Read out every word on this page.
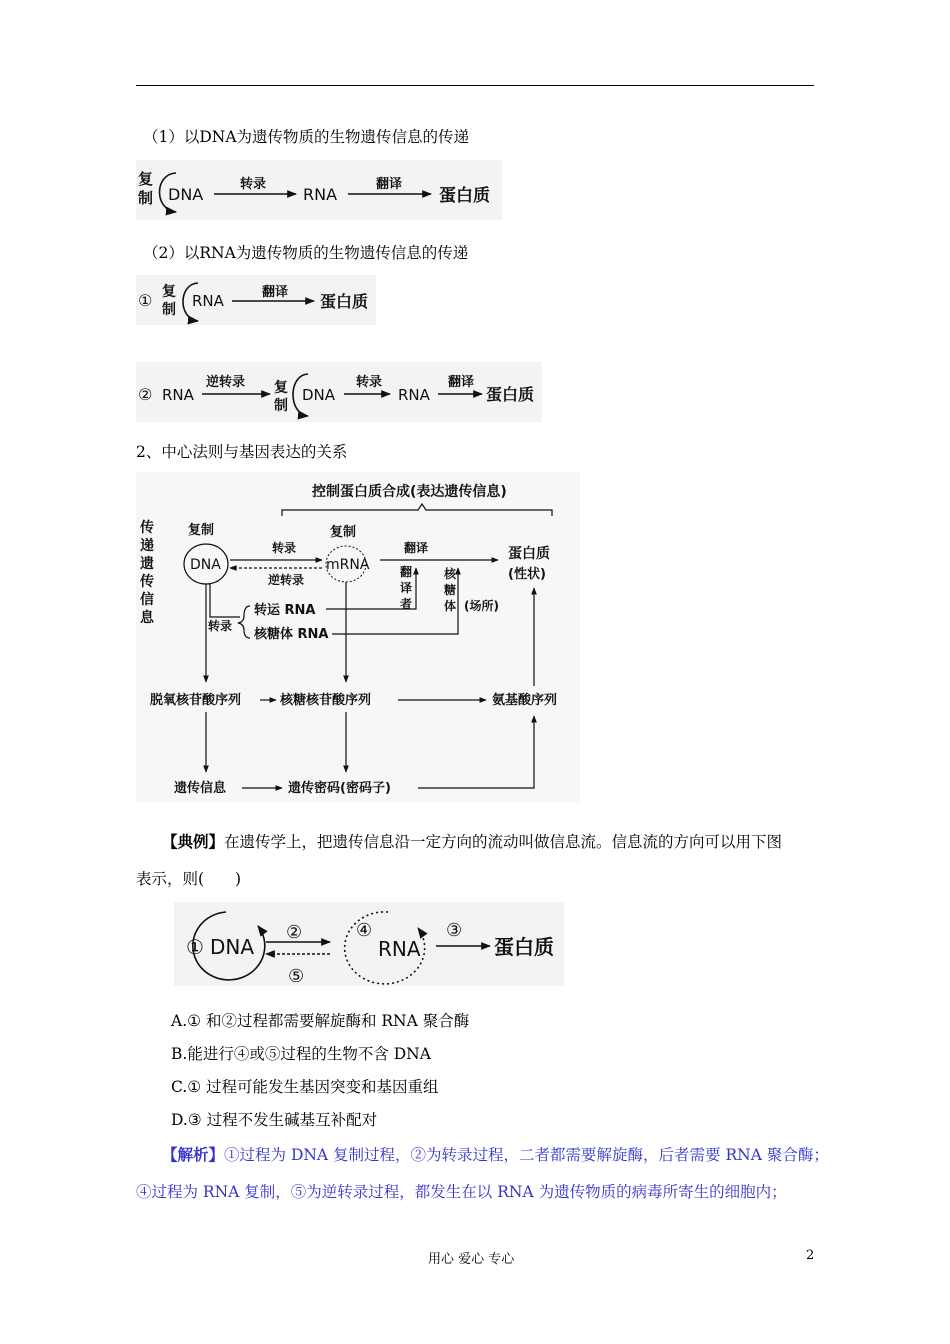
（1）以DNA为遗传物质的生物遗传信息的传递
复
制 DNA
转录
RNA
翻译
蛋白质
（2）以RNA为遗传物质的生物遗传信息的传递
① 复
制 RNA	翻译 蛋白质
② RNA
逆转录 复
制
DNA
转录
RNA
翻译
蛋白质
2、中心法则与基因表达的关系
控制蛋白质合成(表达遗传信息)
传
递
遗
传
信
息
复制
DNA
转录
逆转录
复制
mRNA
翻译	蛋白质
(性状)
翻
译
者
核
糖
体 (场所)
转录
转运 RNA
核糖体 RNA
脱氧核苷酸序列	核糖核苷酸序列	氨基酸序列
遗传信息	遗传密码(密码子)
【典例】在遗传学上，把遗传信息沿一定方向的流动叫做信息流。信息流的方向可以用下图
表示，则(　　)
① DNA
②
⑤
④
RNA
③
蛋白质
A.① 和②过程都需要解旋酶和 RNA 聚合酶
B.能进行④或⑤过程的生物不含 DNA
C.① 过程可能发生基因突变和基因重组
D.③ 过程不发生碱基互补配对
【解析】①过程为 DNA 复制过程，②为转录过程，二者都需要解旋酶，后者需要 RNA 聚合酶；
④过程为 RNA 复制，⑤为逆转录过程，都发生在以 RNA 为遗传物质的病毒所寄生的细胞内；
用心 爱心 专心	2
